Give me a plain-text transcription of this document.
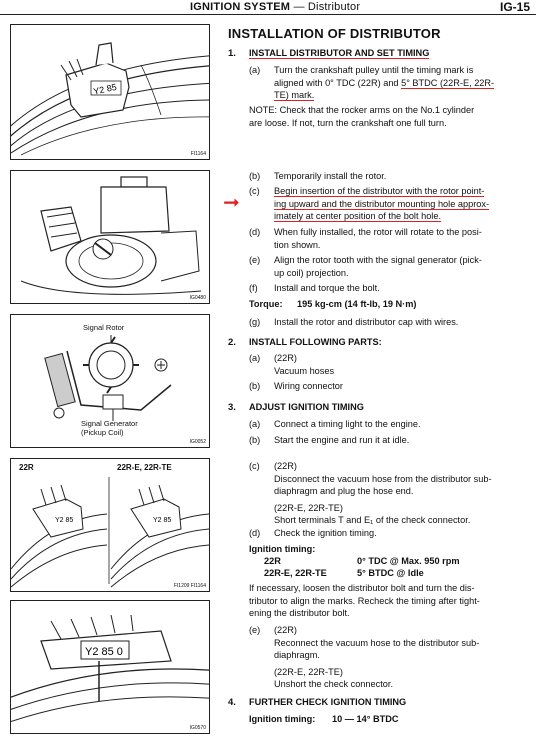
IGNITION SYSTEM — Distributor	IG-15
Y2 85
FI1164
IG0480
Signal Rotor
Signal Generator
(Pickup Coil)
IG0052
22R	22R-E, 22R-TE
Y2 85	Y2 85
FI1209 FI1164
Y2 85 0
IG0570
INSTALLATION OF DISTRIBUTOR
1. INSTALL DISTRIBUTOR AND SET TIMING
(a) Turn the crankshaft pulley until the timing mark is
aligned with 0° TDC (22R) and 5° BTDC (22R-E, 22R-
TE) mark.
NOTE: Check that the rocker arms on the No.1 cylinder
are loose. If not, turn the crankshaft one full turn.
(b) Temporarily install the rotor.
➞ (c) Begin insertion of the distributor with the rotor point-
ing upward and the distributor mounting hole approx-
imately at center position of the bolt hole.
(d) When fully installed, the rotor will rotate to the posi-
tion shown.
(e) Align the rotor tooth with the signal generator (pick-
up coil) projection.
(f) Install and torque the bolt.
Torque: 195 kg-cm (14 ft-lb, 19 N·m)
(g) Install the rotor and distributor cap with wires.
2. INSTALL FOLLOWING PARTS:
(a) (22R)
Vacuum hoses
(b) Wiring connector
3. ADJUST IGNITION TIMING
(a) Connect a timing light to the engine.
(b) Start the engine and run it at idle.
(c) (22R)
Disconnect the vacuum hose from the distributor sub-
diaphragm and plug the hose end.
(22R-E, 22R-TE)
Short terminals T and E₁ of the check connector.
(d) Check the ignition timing.
Ignition timing:
22R	0° TDC @ Max. 950 rpm
22R-E, 22R-TE	5° BTDC @ Idle
If necessary, loosen the distributor bolt and turn the dis-
tributor to align the marks. Recheck the timing after tight-
ening the distributor bolt.
(e) (22R)
Reconnect the vacuum hose to the distributor sub-
diaphragm.
(22R-E, 22R-TE)
Unshort the check connector.
4. FURTHER CHECK IGNITION TIMING
Ignition timing: 10 — 14° BTDC
